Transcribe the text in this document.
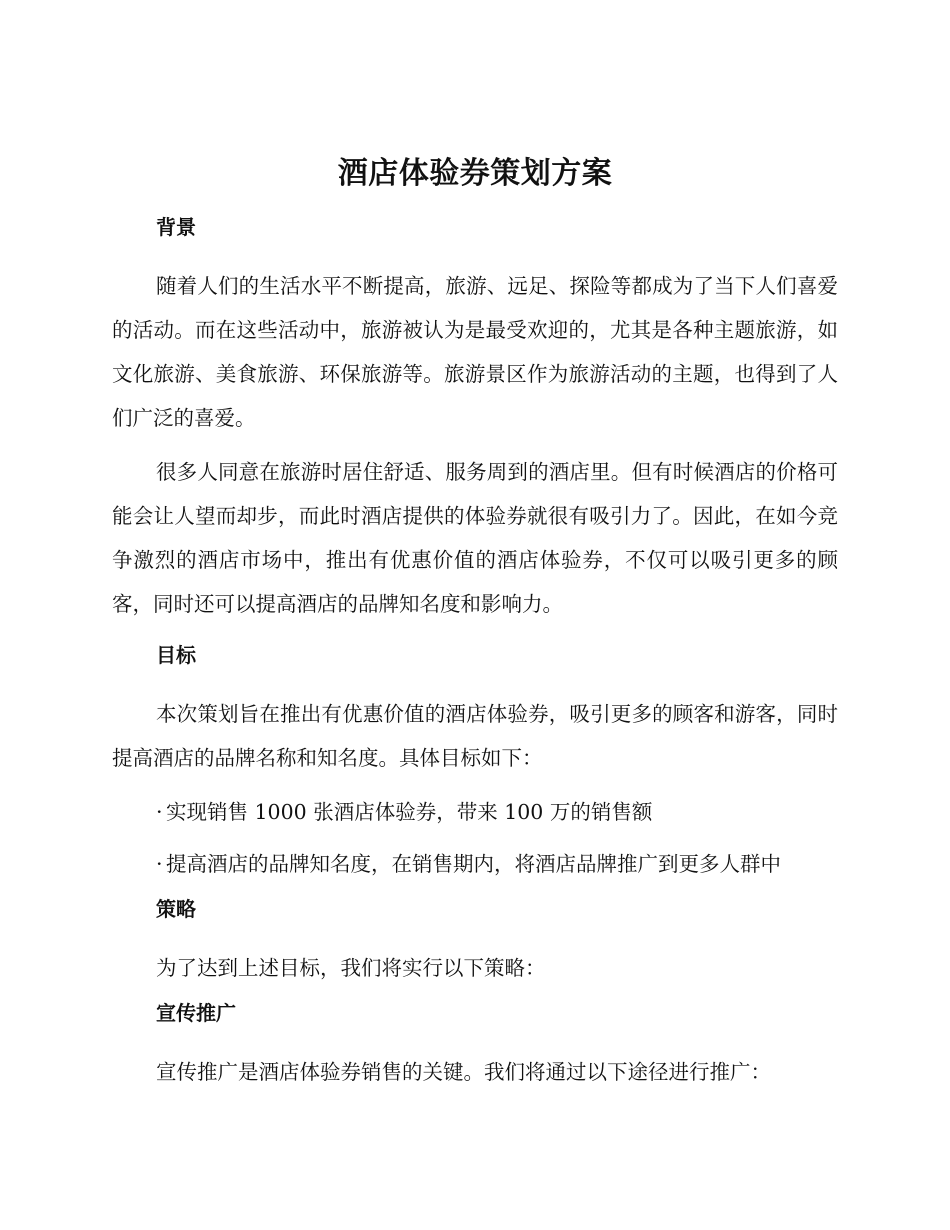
酒店体验券策划方案
背景

随着人们的生活水平不断提高，旅游、远足、探险等都成为了当下人们喜爱的活动。而在这些活动中，旅游被认为是最受欢迎的，尤其是各种主题旅游，如文化旅游、美食旅游、环保旅游等。旅游景区作为旅游活动的主题，也得到了人们广泛的喜爱。

很多人同意在旅游时居住舒适、服务周到的酒店里。但有时候酒店的价格可能会让人望而却步，而此时酒店提供的体验券就很有吸引力了。因此，在如今竞争激烈的酒店市场中，推出有优惠价值的酒店体验券，不仅可以吸引更多的顾客，同时还可以提高酒店的品牌知名度和影响力。

目标

本次策划旨在推出有优惠价值的酒店体验券，吸引更多的顾客和游客，同时提高酒店的品牌名称和知名度。具体目标如下：

· 实现销售 1000 张酒店体验券，带来 100 万的销售额
· 提高酒店的品牌知名度，在销售期内，将酒店品牌推广到更多人群中
策略
为了达到上述目标，我们将实行以下策略：
宣传推广
宣传推广是酒店体验券销售的关键。我们将通过以下途径进行推广：
